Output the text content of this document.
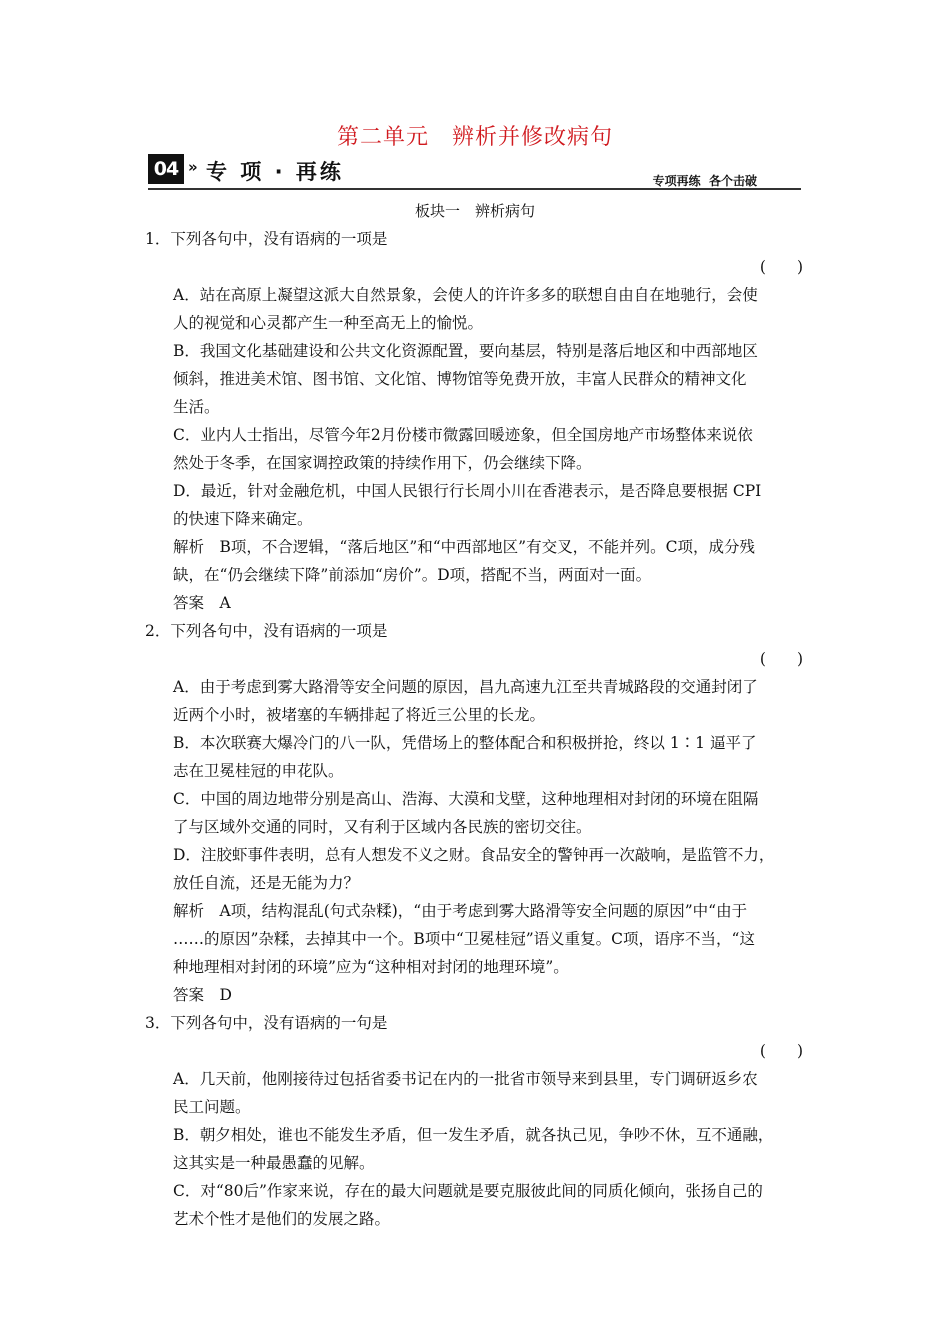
第二单元　辨析并修改病句
04 » 专 项 · 再练	专项再练  各个击破
板块一　辨析病句
1．下列各句中，没有语病的一项是
(　　)
A．站在高原上凝望这派大自然景象，会使人的许许多多的联想自由自在地驰行，会使
人的视觉和心灵都产生一种至高无上的愉悦。
B．我国文化基础建设和公共文化资源配置，要向基层，特别是落后地区和中西部地区
倾斜，推进美术馆、图书馆、文化馆、博物馆等免费开放，丰富人民群众的精神文化
生活。
C．业内人士指出，尽管今年2月份楼市微露回暖迹象，但全国房地产市场整体来说依
然处于冬季，在国家调控政策的持续作用下，仍会继续下降。
D．最近，针对金融危机，中国人民银行行长周小川在香港表示，是否降息要根据 CPI
的快速下降来确定。
解析　B项，不合逻辑，“落后地区”和“中西部地区”有交叉，不能并列。C项，成分残
缺，在“仍会继续下降”前添加“房价”。D项，搭配不当，两面对一面。
答案　A
2．下列各句中，没有语病的一项是
(　　)
A．由于考虑到雾大路滑等安全问题的原因，昌九高速九江至共青城路段的交通封闭了
近两个小时，被堵塞的车辆排起了将近三公里的长龙。
B．本次联赛大爆冷门的八一队，凭借场上的整体配合和积极拼抢，终以 1∶1 逼平了
志在卫冕桂冠的申花队。
C．中国的周边地带分别是高山、浩海、大漠和戈壁，这种地理相对封闭的环境在阻隔
了与区域外交通的同时，又有利于区域内各民族的密切交往。
D．注胶虾事件表明，总有人想发不义之财。食品安全的警钟再一次敲响，是监管不力，
放任自流，还是无能为力？
解析　A项，结构混乱(句式杂糅)，“由于考虑到雾大路滑等安全问题的原因”中“由于
……的原因”杂糅，去掉其中一个。B项中“卫冕桂冠”语义重复。C项，语序不当，“这
种地理相对封闭的环境”应为“这种相对封闭的地理环境”。
答案　D
3．下列各句中，没有语病的一句是
(　　)
A．几天前，他刚接待过包括省委书记在内的一批省市领导来到县里，专门调研返乡农
民工问题。
B．朝夕相处，谁也不能发生矛盾，但一发生矛盾，就各执己见，争吵不休，互不通融，
这其实是一种最愚蠢的见解。
C．对“80后”作家来说，存在的最大问题就是要克服彼此间的同质化倾向，张扬自己的
艺术个性才是他们的发展之路。
